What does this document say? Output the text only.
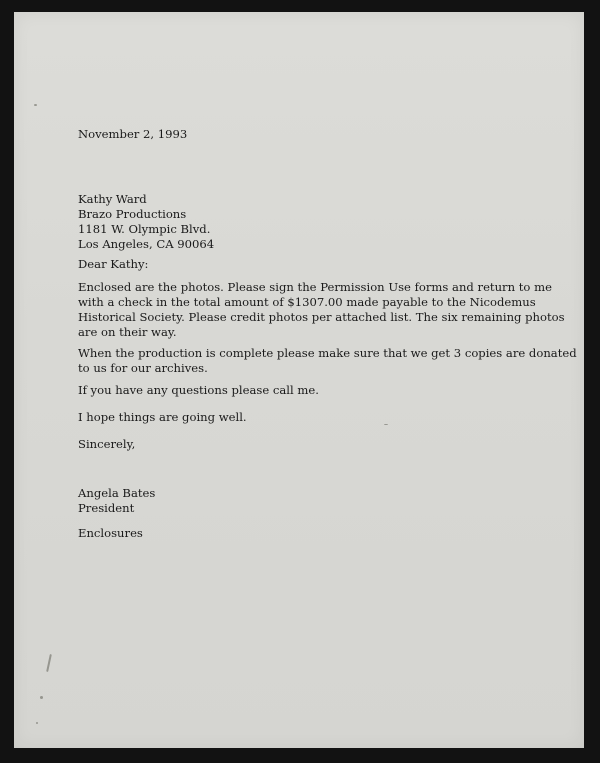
November 2, 1993
Kathy Ward
Brazo Productions
1181 W. Olympic Blvd.
Los Angeles, CA 90064
Dear Kathy:
Enclosed are the photos. Please sign the Permission Use forms and return to me
with a check in the total amount of $1307.00 made payable to the Nicodemus
Historical Society. Please credit photos per attached list. The six remaining photos
are on their way.
When the production is complete please make sure that we get 3 copies are donated
to us for our archives.
If you have any questions please call me.
I hope things are going well.
Sincerely,
Angela Bates
President
Enclosures
